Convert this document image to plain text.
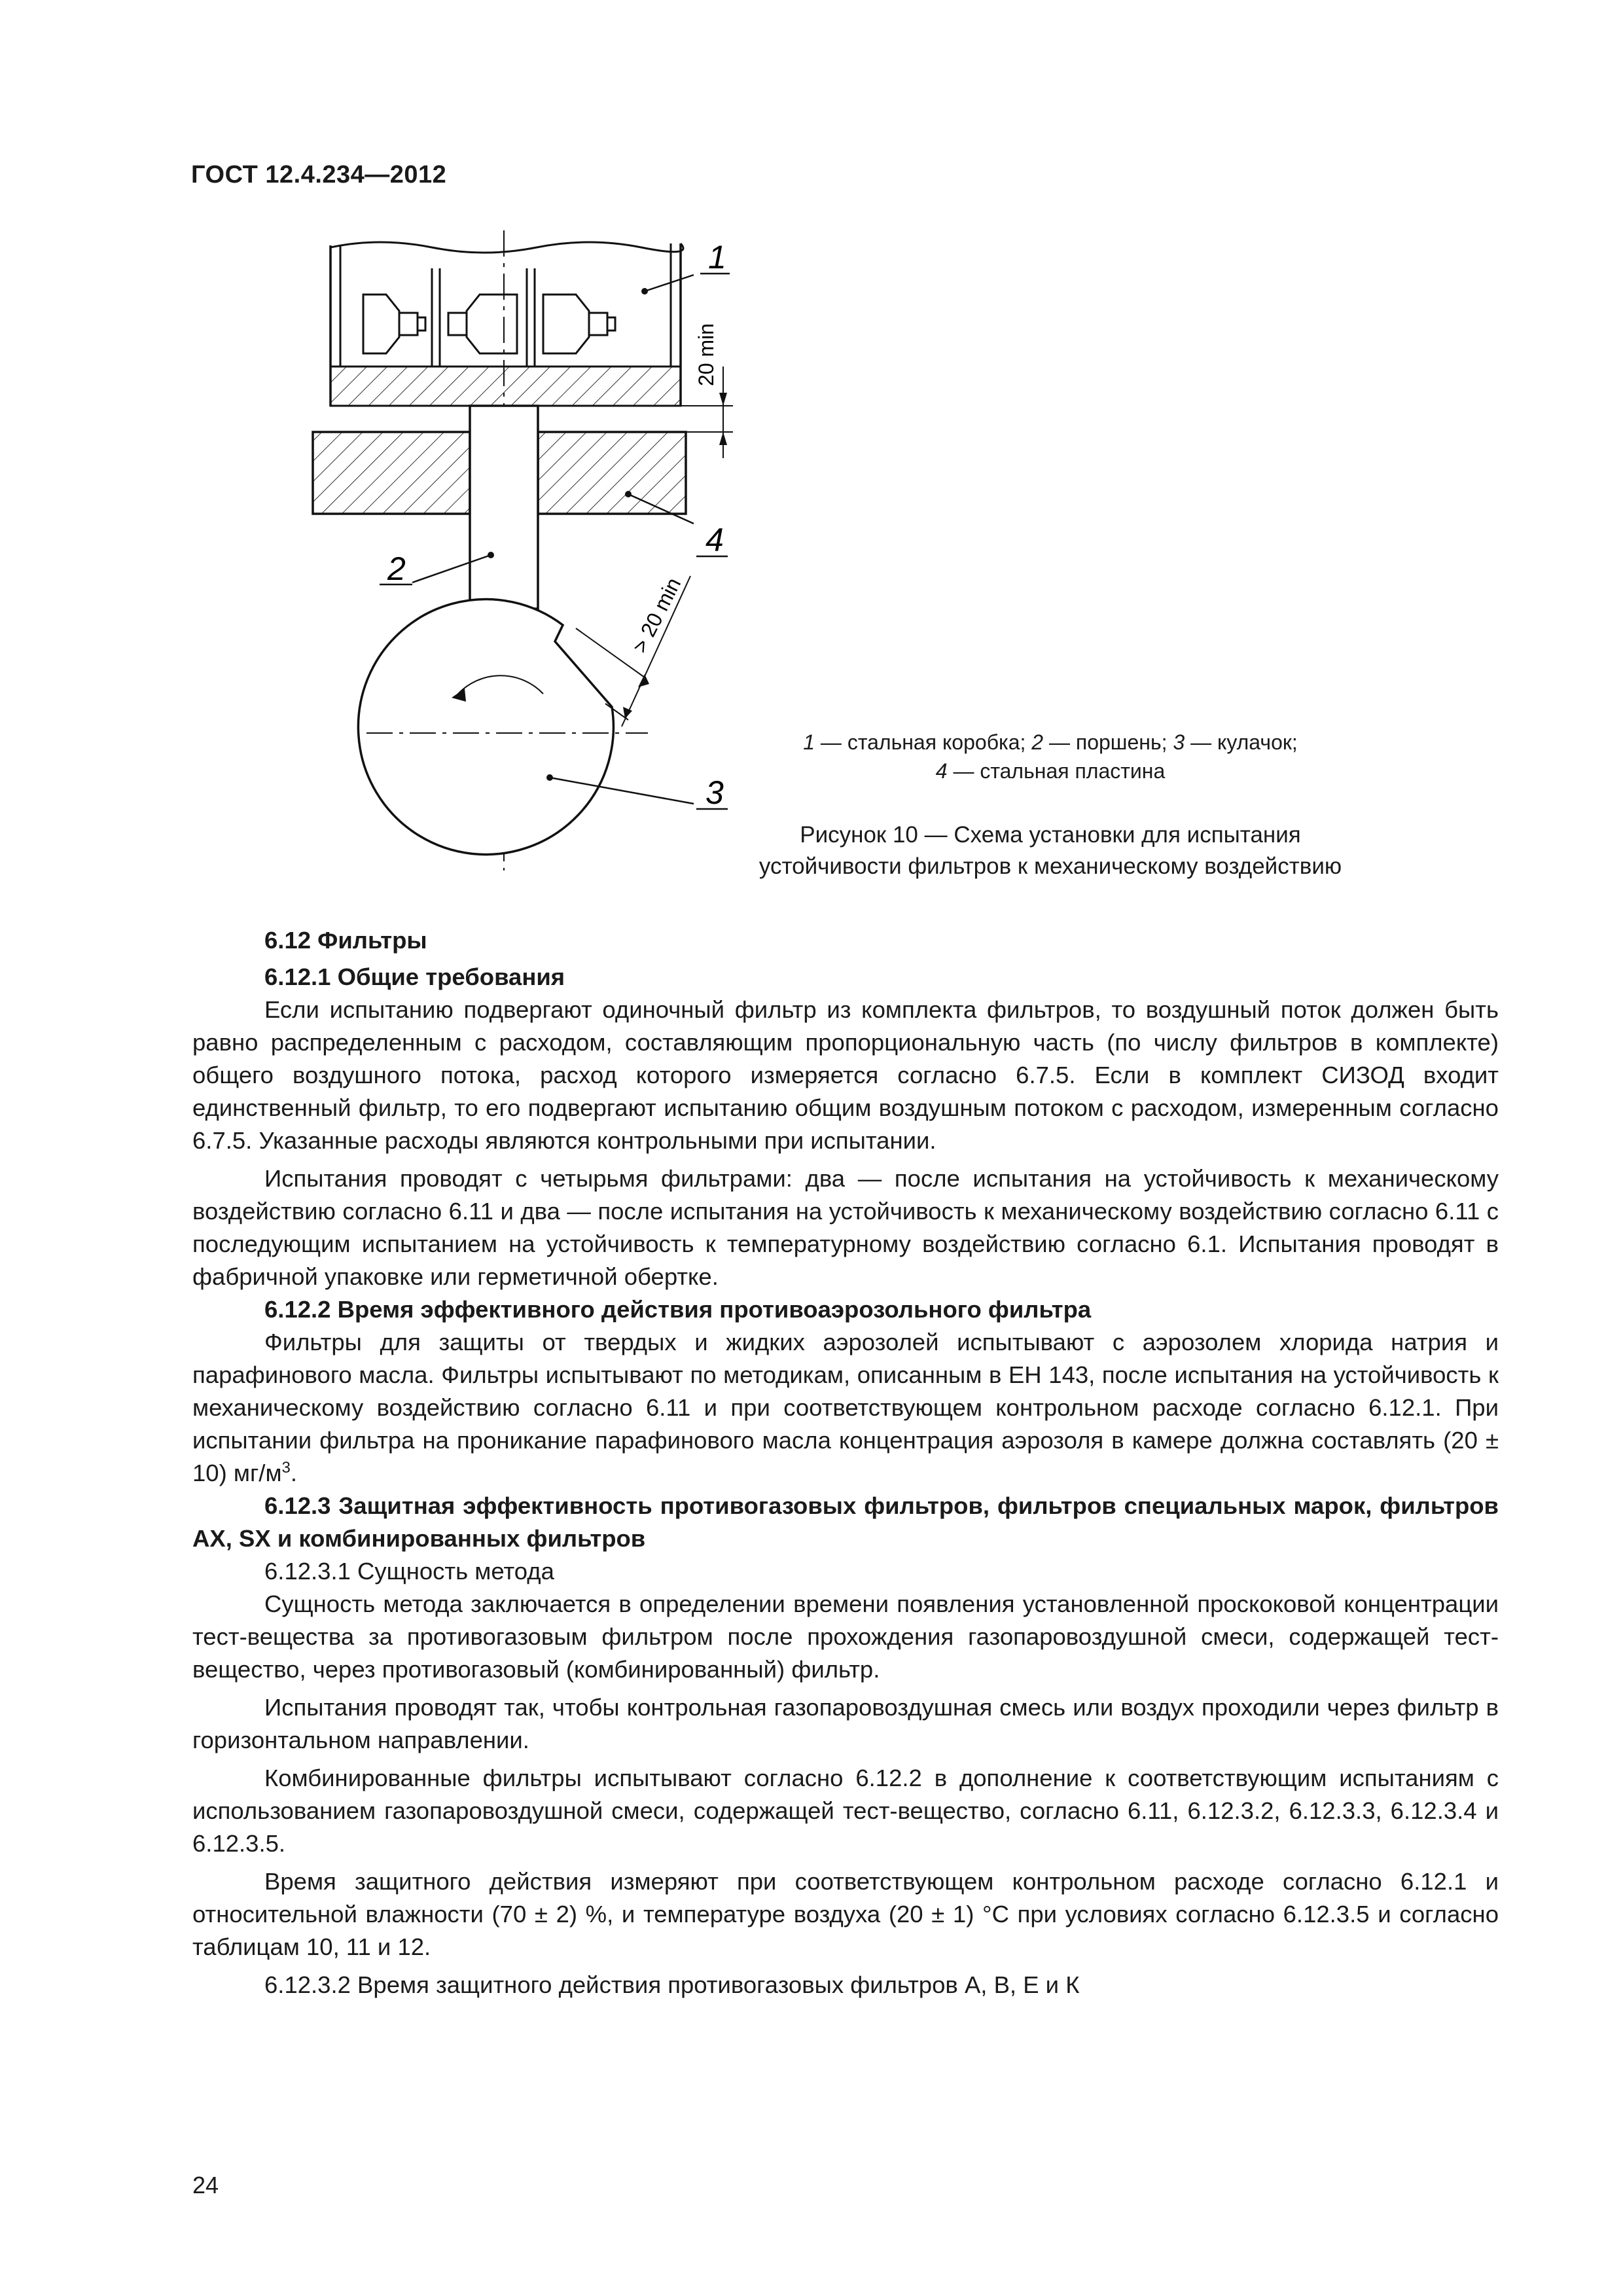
ГОСТ 12.4.234—2012
1
4
2
3
20 min
> 20 min
1 — стальная коробка; 2 — поршень; 3 — кулачок;
4 — стальная пластина
Рисунок 10 — Схема установки для испытания
устойчивости фильтров к механическому воздействию

6.12 Фильтры

6.12.1 Общие требования

Если испытанию подвергают одиночный фильтр из комплекта фильтров, то воздушный поток должен быть равно распределенным с расходом, составляющим пропорциональную часть (по числу фильтров в комплекте) общего воздушного потока, расход которого измеряется согласно 6.7.5. Если в комплект СИЗОД входит единственный фильтр, то его подвергают испытанию общим воздушным потоком с расходом, измеренным согласно 6.7.5. Указанные расходы являются контрольными при испытании.

Испытания проводят с четырьмя фильтрами: два — после испытания на устойчивость к механическому воздействию согласно 6.11 и два — после испытания на устойчивость к механическому воздействию согласно 6.11 с последующим испытанием на устойчивость к температурному воздействию согласно 6.1. Испытания проводят в фабричной упаковке или герметичной обертке.

6.12.2 Время эффективного действия противоаэрозольного фильтра

Фильтры для защиты от твердых и жидких аэрозолей испытывают с аэрозолем хлорида натрия и парафинового масла. Фильтры испытывают по методикам, описанным в ЕН 143, после испытания на устойчивость к механическому воздействию согласно 6.11 и при соответствующем контрольном расходе согласно 6.12.1. При испытании фильтра на проникание парафинового масла концентрация аэрозоля в камере должна составлять (20 ± 10) $мг/м^3$.

6.12.3 Защитная эффективность противогазовых фильтров, фильтров специальных марок, фильтров АХ, SX и комбинированных фильтров

6.12.3.1 Сущность метода

Сущность метода заключается в определении времени появления установленной проскоковой концентрации тест-вещества за противогазовым фильтром после прохождения газопаровоздушной смеси, содержащей тест-вещество, через противогазовый (комбинированный) фильтр.

Испытания проводят так, чтобы контрольная газопаровоздушная смесь или воздух проходили через фильтр в горизонтальном направлении.

Комбинированные фильтры испытывают согласно 6.12.2 в дополнение к соответствующим испытаниям с использованием газопаровоздушной смеси, содержащей тест-вещество, согласно 6.11, 6.12.3.2, 6.12.3.3, 6.12.3.4 и 6.12.3.5.

Время защитного действия измеряют при соответствующем контрольном расходе согласно 6.12.1 и относительной влажности (70 ± 2) %, и температуре воздуха (20 ± 1) °С при условиях согласно 6.12.3.5 и согласно таблицам 10, 11 и 12.

6.12.3.2 Время защитного действия противогазовых фильтров А, В, Е и К

24
